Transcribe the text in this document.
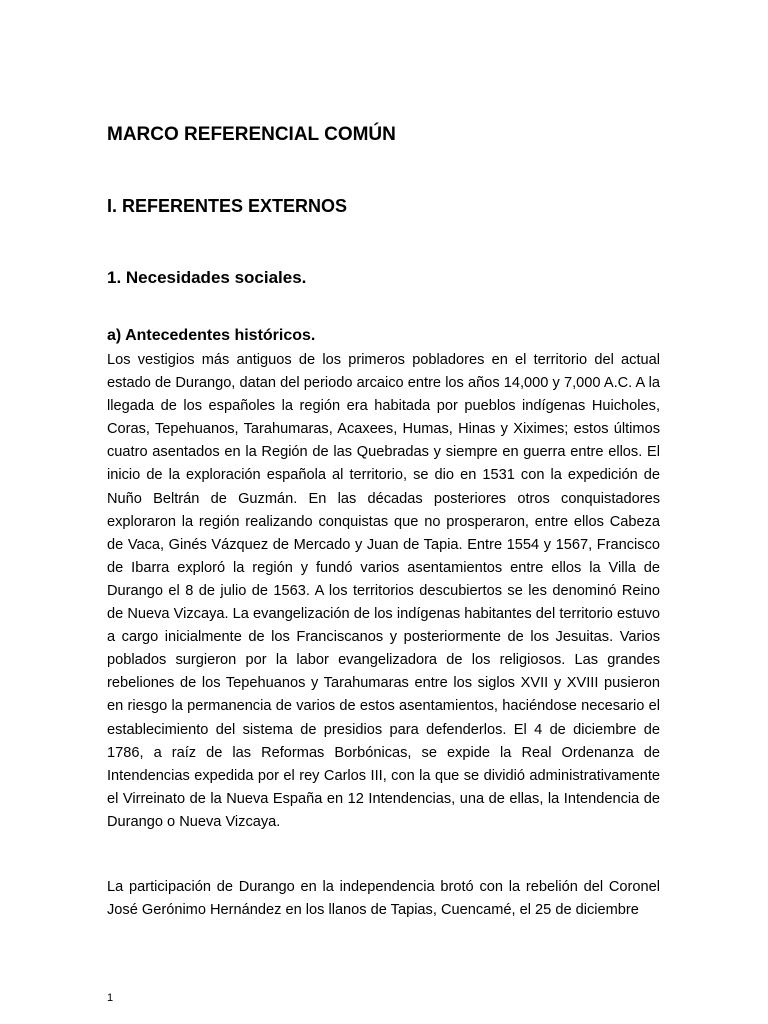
MARCO REFERENCIAL COMÚN
I. REFERENTES EXTERNOS
1. Necesidades sociales.
a) Antecedentes históricos.

Los vestigios más antiguos de los primeros pobladores en el territorio del actual estado de Durango, datan del periodo arcaico entre los años 14,000 y 7,000 A.C. A la llegada de los españoles la región era habitada por pueblos indígenas Huicholes, Coras, Tepehuanos, Tarahumaras, Acaxees, Humas, Hinas y Xiximes; estos últimos cuatro asentados en la Región de las Quebradas y siempre en guerra entre ellos. El inicio de la exploración española al territorio, se dio en 1531 con la expedición de Nuño Beltrán de Guzmán. En las décadas posteriores otros conquistadores exploraron la región realizando conquistas que no prosperaron, entre ellos Cabeza de Vaca, Ginés Vázquez de Mercado y Juan de Tapia. Entre 1554 y 1567, Francisco de Ibarra exploró la región y fundó varios asentamientos entre ellos la Villa de Durango el 8 de julio de 1563. A los territorios descubiertos se les denominó Reino de Nueva Vizcaya. La evangelización de los indígenas habitantes del territorio estuvo a cargo inicialmente de los Franciscanos y posteriormente de los Jesuitas. Varios poblados surgieron por la labor evangelizadora de los religiosos. Las grandes rebeliones de los Tepehuanos y Tarahumaras entre los siglos XVII y XVIII pusieron en riesgo la permanencia de varios de estos asentamientos, haciéndose necesario el establecimiento del sistema de presidios para defenderlos. El 4 de diciembre de 1786, a raíz de las Reformas Borbónicas, se expide la Real Ordenanza de Intendencias expedida por el rey Carlos III, con la que se dividió administrativamente el Virreinato de la Nueva España en 12 Intendencias, una de ellas, la Intendencia de Durango o Nueva Vizcaya.

La participación de Durango en la independencia brotó con la rebelión del Coronel José Gerónimo Hernández en los llanos de Tapias, Cuencamé, el 25 de diciembre

1
